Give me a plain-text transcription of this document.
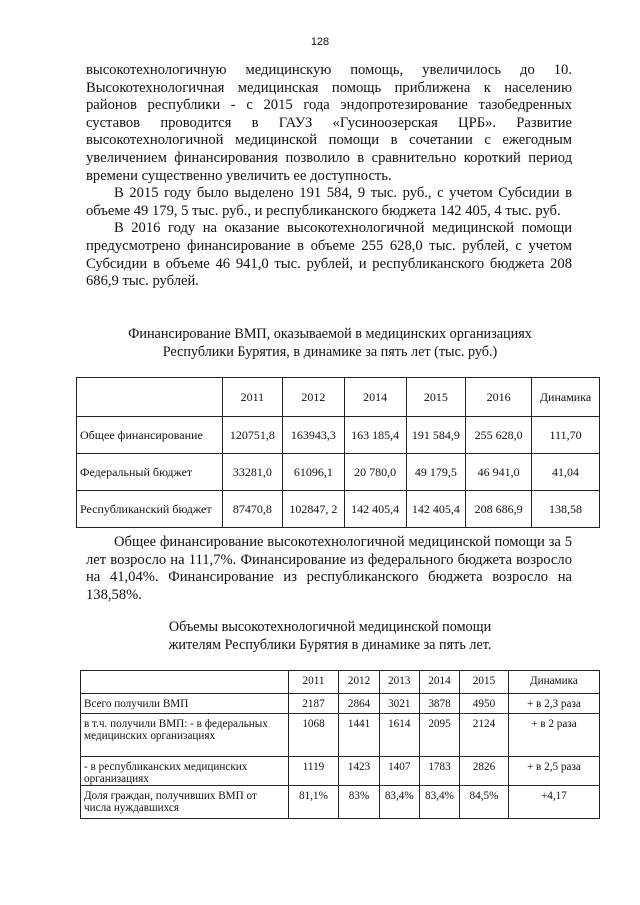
128

высокотехнологичную медицинскую помощь, увеличилось до 10. Высокотехнологичная медицинская помощь приближена к населению районов республики - с 2015 года эндопротезирование тазобедренных суставов проводится в ГАУЗ «Гусиноозерская ЦРБ». Развитие высокотехнологичной медицинской помощи в сочетании с ежегодным увеличением финансирования позволило в сравнительно короткий период времени существенно увеличить ее доступность.

В 2015 году было выделено 191 584, 9 тыс. руб., с учетом Субсидии в объеме 49 179, 5 тыс. руб., и республиканского бюджета 142 405, 4 тыс. руб.

В 2016 году на оказание высокотехнологичной медицинской помощи предусмотрено финансирование в объеме 255 628,0 тыс. рублей, с учетом Субсидии в объеме 46 941,0 тыс. рублей, и республиканского бюджета 208 686,9 тыс. рублей.

Финансирование ВМП, оказываемой в медицинских организациях
Республики Бурятия, в динамике за пять лет (тыс. руб.)
	2011	2012	2014	2015	2016	Динамика
Общее финансирование	120751,8	163943,3	163 185,4	191 584,9	255 628,0	111,70
Федеральный бюджет	33281,0	61096,1	20 780,0	49 179,5	46 941,0	41,04
Республиканский бюджет	87470,8	102847, 2	142 405,4	142 405,4	208 686,9	138,58

Общее финансирование высокотехнологичной медицинской помощи за 5 лет возросло на 111,7%. Финансирование из федерального бюджета возросло на 41,04%. Финансирование из республиканского бюджета возросло на 138,58%.

Объемы высокотехнологичной медицинской помощи
жителям Республики Бурятия в динамике за пять лет.
	2011	2012	2013	2014	2015	Динамика
Всего получили ВМП	2187	2864	3021	3878	4950	+ в 2,3 раза
в т.ч. получили ВМП: - в федеральных медицинских организациях	1068	1441	1614	2095	2124	+ в 2 раза
- в республиканских медицинских организациях	1119	1423	1407	1783	2826	+ в 2,5 раза
Доля граждан, получивших ВМП от числа нуждавшихся	81,1%	83%	83,4%	83,4%	84,5%	+4,17
